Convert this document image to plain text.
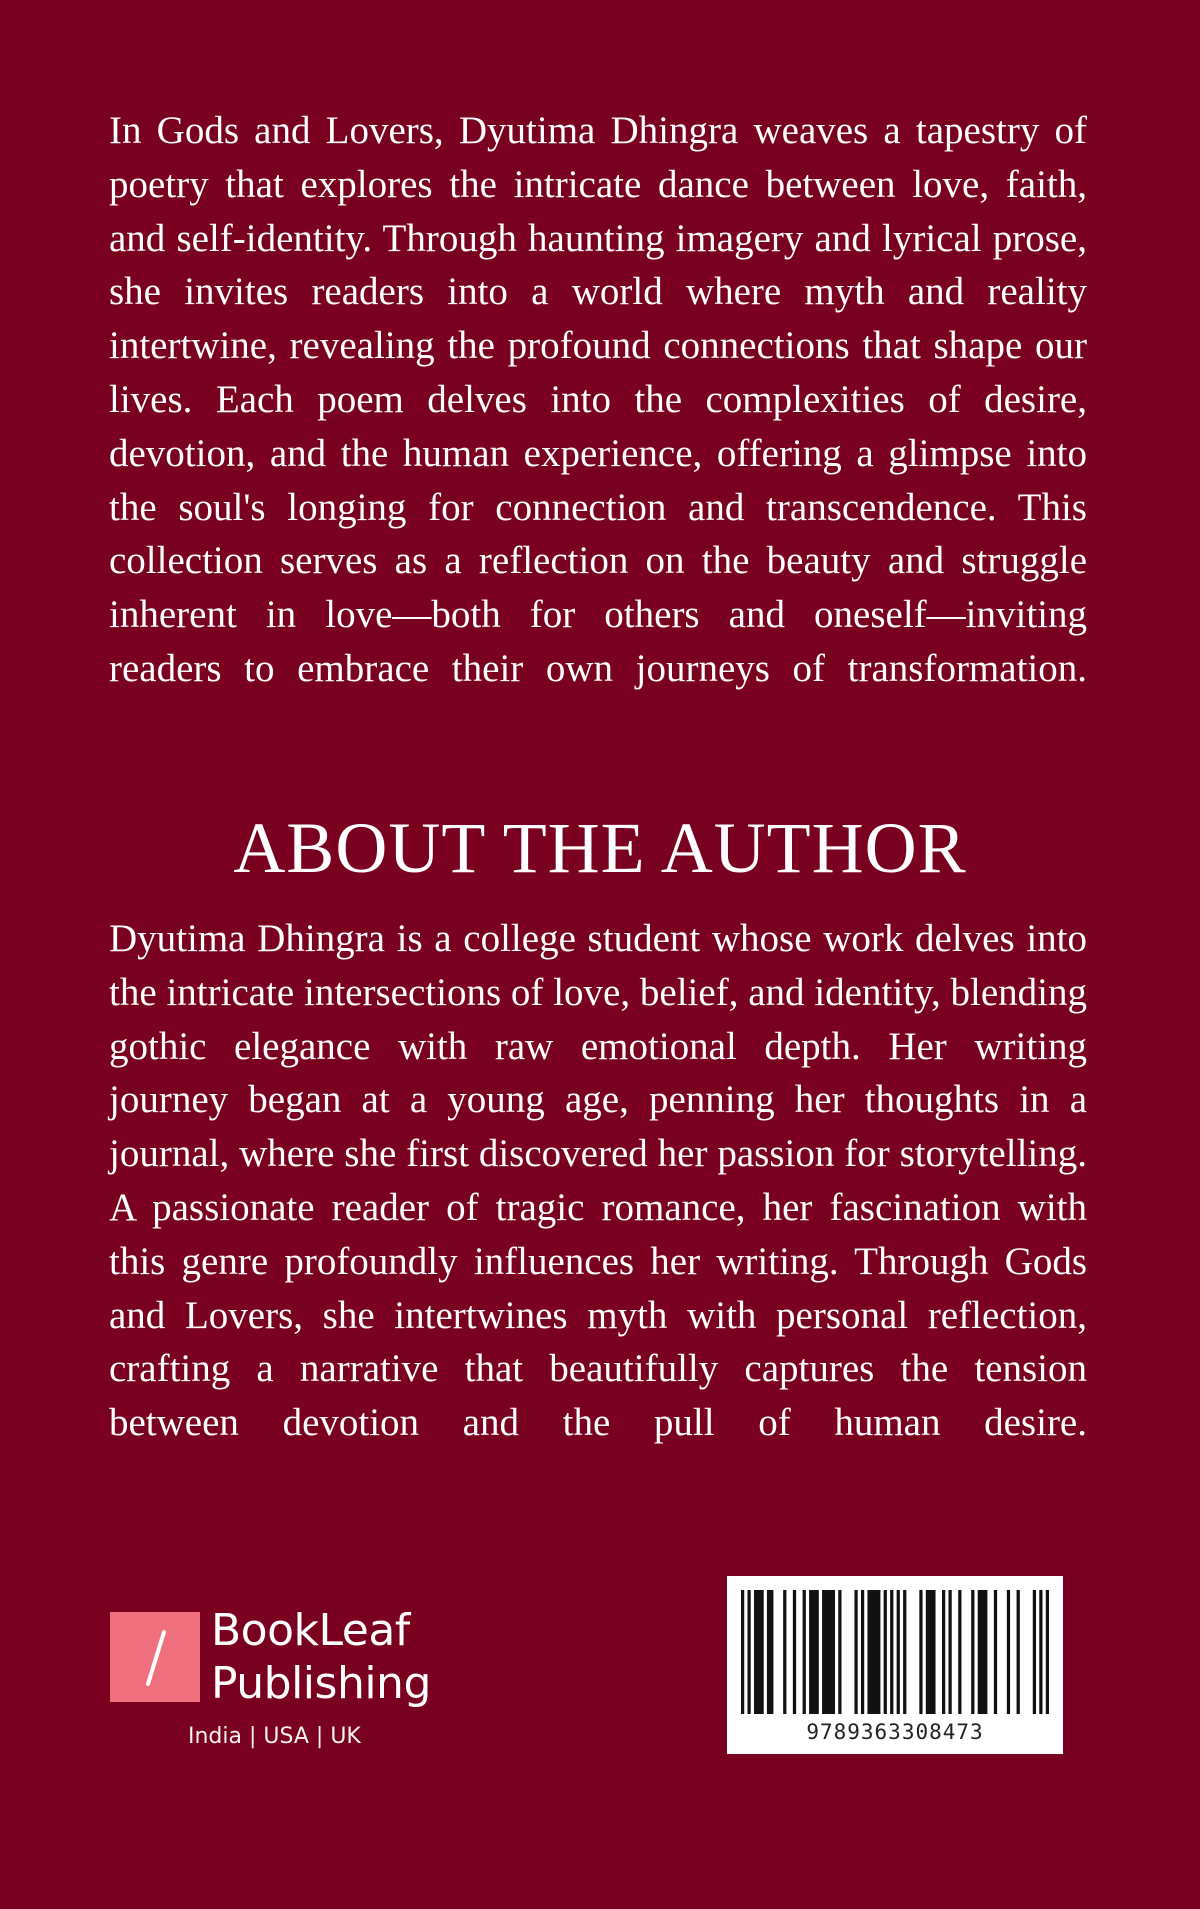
In Gods and Lovers, Dyutima Dhingra weaves a tapestry of poetry that explores the intricate dance between love, faith, and self-identity. Through haunting imagery and lyrical prose, she invites readers into a world where myth and reality intertwine, revealing the profound connections that shape our lives. Each poem delves into the complexities of desire, devotion, and the human experience, offering a glimpse into the soul's longing for connection and transcendence. This collection serves as a reflection on the beauty and struggle inherent in love—both for others and oneself—inviting readers to embrace their own journeys of transformation.

ABOUT THE AUTHOR

Dyutima Dhingra is a college student whose work delves into the intricate intersections of love, belief, and identity, blending gothic elegance with raw emotional depth. Her writing journey began at a young age, penning her thoughts in a journal, where she first discovered her passion for storytelling. A passionate reader of tragic romance, her fascination with this genre profoundly influences her writing. Through Gods and Lovers, she intertwines myth with personal reflection, crafting a narrative that beautifully captures the tension between devotion and the pull of human desire.

BookLeaf
Publishing
India | USA | UK	9789363308473
